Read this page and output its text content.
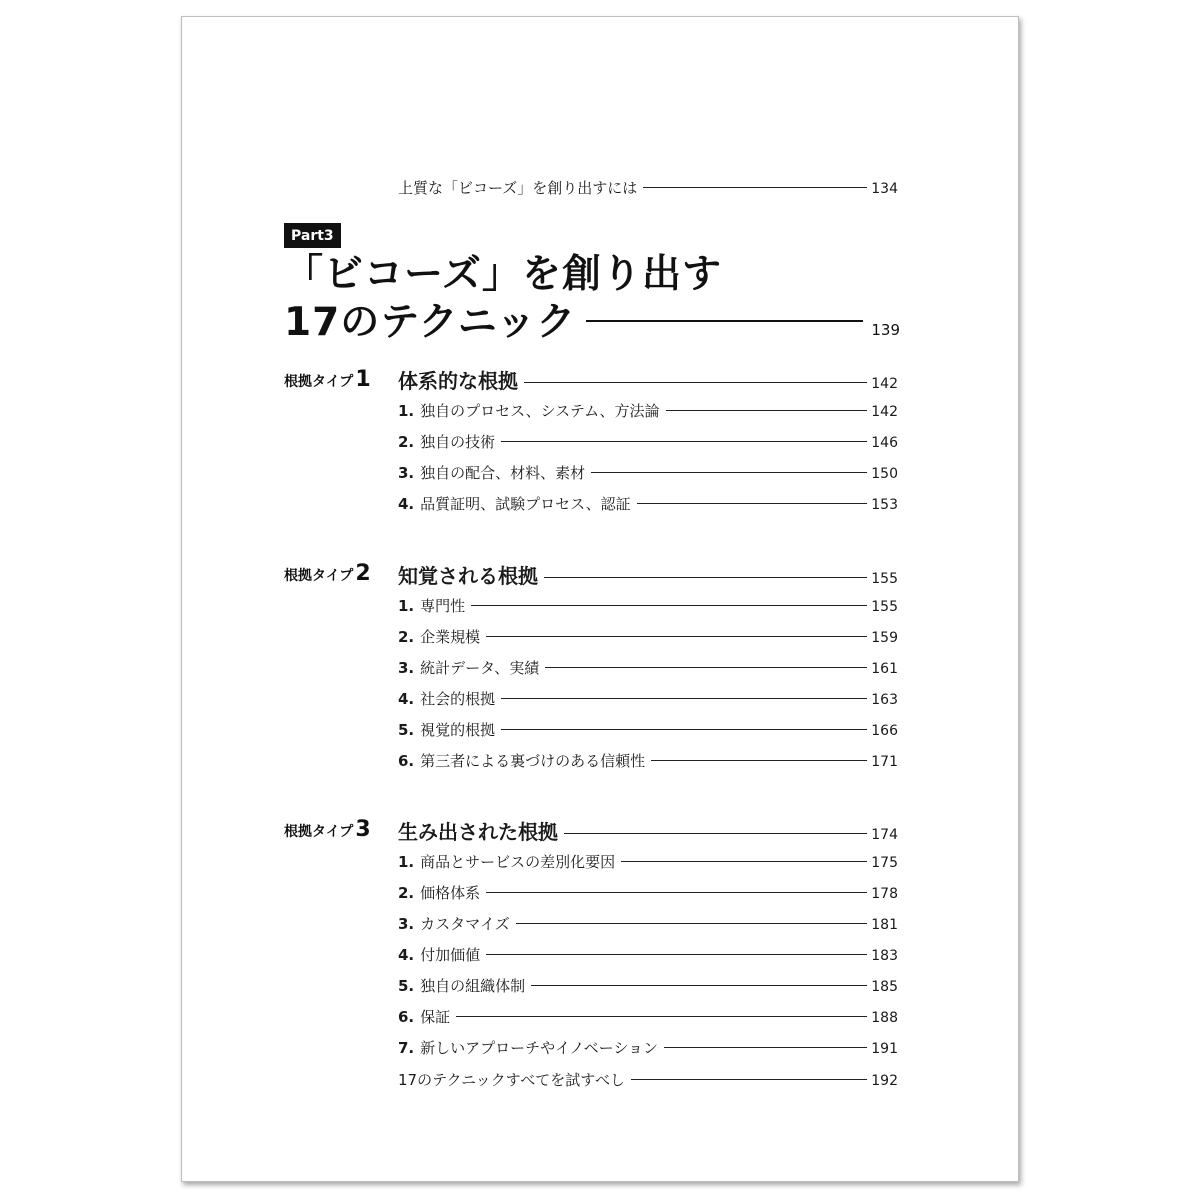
上質な「ビコーズ」を創り出すには	134
Part3
「ビコーズ」を創り出す
17のテクニック	139
根拠タイプ1 体系的な根拠	142
1. 独自のプロセス、システム、方法論	142
2. 独自の技術	146
3. 独自の配合、材料、素材	150
4. 品質証明、試験プロセス、認証	153
根拠タイプ2 知覚される根拠	155
1. 専門性	155
2. 企業規模	159
3. 統計データ、実績	161
4. 社会的根拠	163
5. 視覚的根拠	166
6. 第三者による裏づけのある信頼性	171
根拠タイプ3 生み出された根拠	174
1. 商品とサービスの差別化要因	175
2. 価格体系	178
3. カスタマイズ	181
4. 付加価値	183
5. 独自の組織体制	185
6. 保証	188
7. 新しいアプローチやイノベーション	191
17のテクニックすべてを試すべし	192
